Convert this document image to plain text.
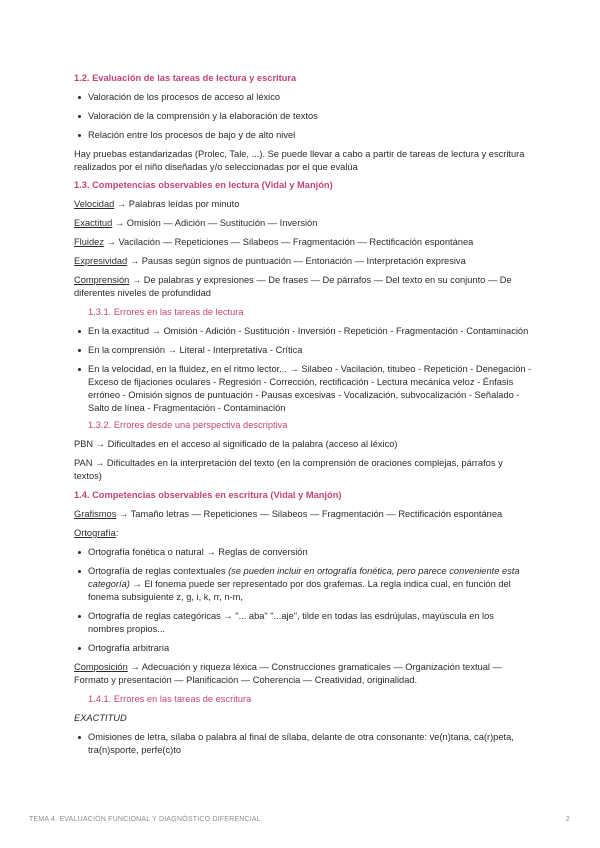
1.2. Evaluación de las tareas de lectura y escritura
Valoración de los procesos de acceso al léxico
Valoración de la comprensión y la elaboración de textos
Relación entre los procesos de bajo y de alto nivel

Hay pruebas estandarizadas (Prolec, Tale, ...). Se puede llevar a cabo a partir de tareas de lectura y escritura realizados por el niño diseñadas y/o seleccionadas por el que evalúa

1.3. Competencias observables en lectura (Vidal y Manjón)

Velocidad → Palabras leídas por minuto

Exactitud → Omisión — Adición — Sustitución — Inversión

Fluidez → Vacilación — Repeticiones — Silabeos — Fragmentación — Rectificación espontánea

Expresividad → Pausas según signos de puntuación — Entonación — Interpretación expresiva

Comprensión → De palabras y expresiones — De frases — De párrafos — Del texto en su conjunto — De diferentes niveles de profundidad

1.3.1. Errores en las tareas de lectura
En la exactitud → Omisión - Adición - Sustitución - Inversión - Repetición - Fragmentación - Contaminación
En la comprensión → Literal - Interpretativa - Crítica
En la velocidad, en la fluidez, en el ritmo lector... → Silabeo - Vacilación, titubeo - Repetición - Denegación - Exceso de fijaciones oculares - Regresión - Corrección, rectificación - Lectura mecánica veloz - Énfasis erróneo - Omisión signos de puntuación - Pausas excesivas - Vocalización, subvocalización - Señalado - Salto de línea - Fragmentación - Contaminación
1.3.2. Errores desde una perspectiva descriptiva

PBN → Dificultades en el acceso al significado de la palabra (acceso al léxico)

PAN → Dificultades en la interpretación del texto (en la comprensión de oraciones complejas, párrafos y textos)

1.4. Competencias observables en escritura (Vidal y Manjón)

Grafismos → Tamaño letras — Repeticiones — Silabeos — Fragmentación — Rectificación espontánea

Ortografía:

Ortografía fonética o natural → Reglas de conversión
Ortografía de reglas contextuales (se pueden incluir en ortografía fonética, pero parece conveniente esta categoría) → El fonema puede ser representado por dos grafemas. La regla indica cual, en función del fonema subsiguiente z, g, i, k, rr, n-m,
Ortografía de reglas categóricas → "... aba" "...aje", tilde en todas las esdrújulas, mayúscula en los nombres propios...
Ortografía arbitraria

Composición → Adecuación y riqueza léxica — Construcciones gramaticales — Organización textual — Formato y presentación — Planificación — Coherencia — Creatividad, originalidad.

1.4.1. Errores en las tareas de escritura

EXACTITUD

Omisiones de letra, sílaba o palabra al final de sílaba, delante de otra consonante: ve(n)tana, ca(r)peta, tra(n)sporte, perfe(c)to
TEMA 4. EVALUACIÓN FUNCIONAL Y DIAGNÓSTICO DIFERENCIAL	2
